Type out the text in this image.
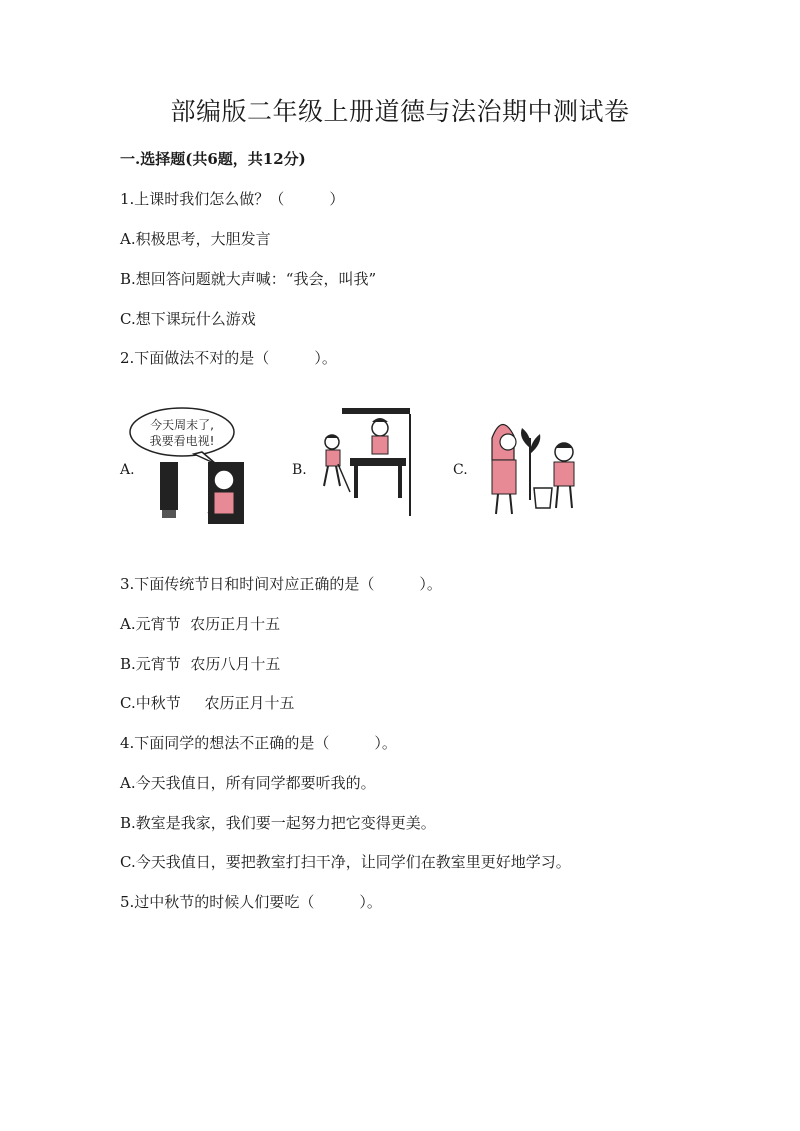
部编版二年级上册道德与法治期中测试卷
一.选择题(共6题，共12分)
1.上课时我们怎么做？（　　　）
A.积极思考，大胆发言
B.想回答问题就大声喊：“我会，叫我”
C.想下课玩什么游戏
2.下面做法不对的是（　　　）。
A.	B.	C.
今天周末了,
我要看电视!
3.下面传统节日和时间对应正确的是（　　　）。
A.元宵节  农历正月十五
B.元宵节  农历八月十五
C.中秋节     农历正月十五
4.下面同学的想法不正确的是（　　　）。
A.今天我值日，所有同学都要听我的。
B.教室是我家，我们要一起努力把它变得更美。
C.今天我值日，要把教室打扫干净，让同学们在教室里更好地学习。
5.过中秋节的时候人们要吃（　　　）。
